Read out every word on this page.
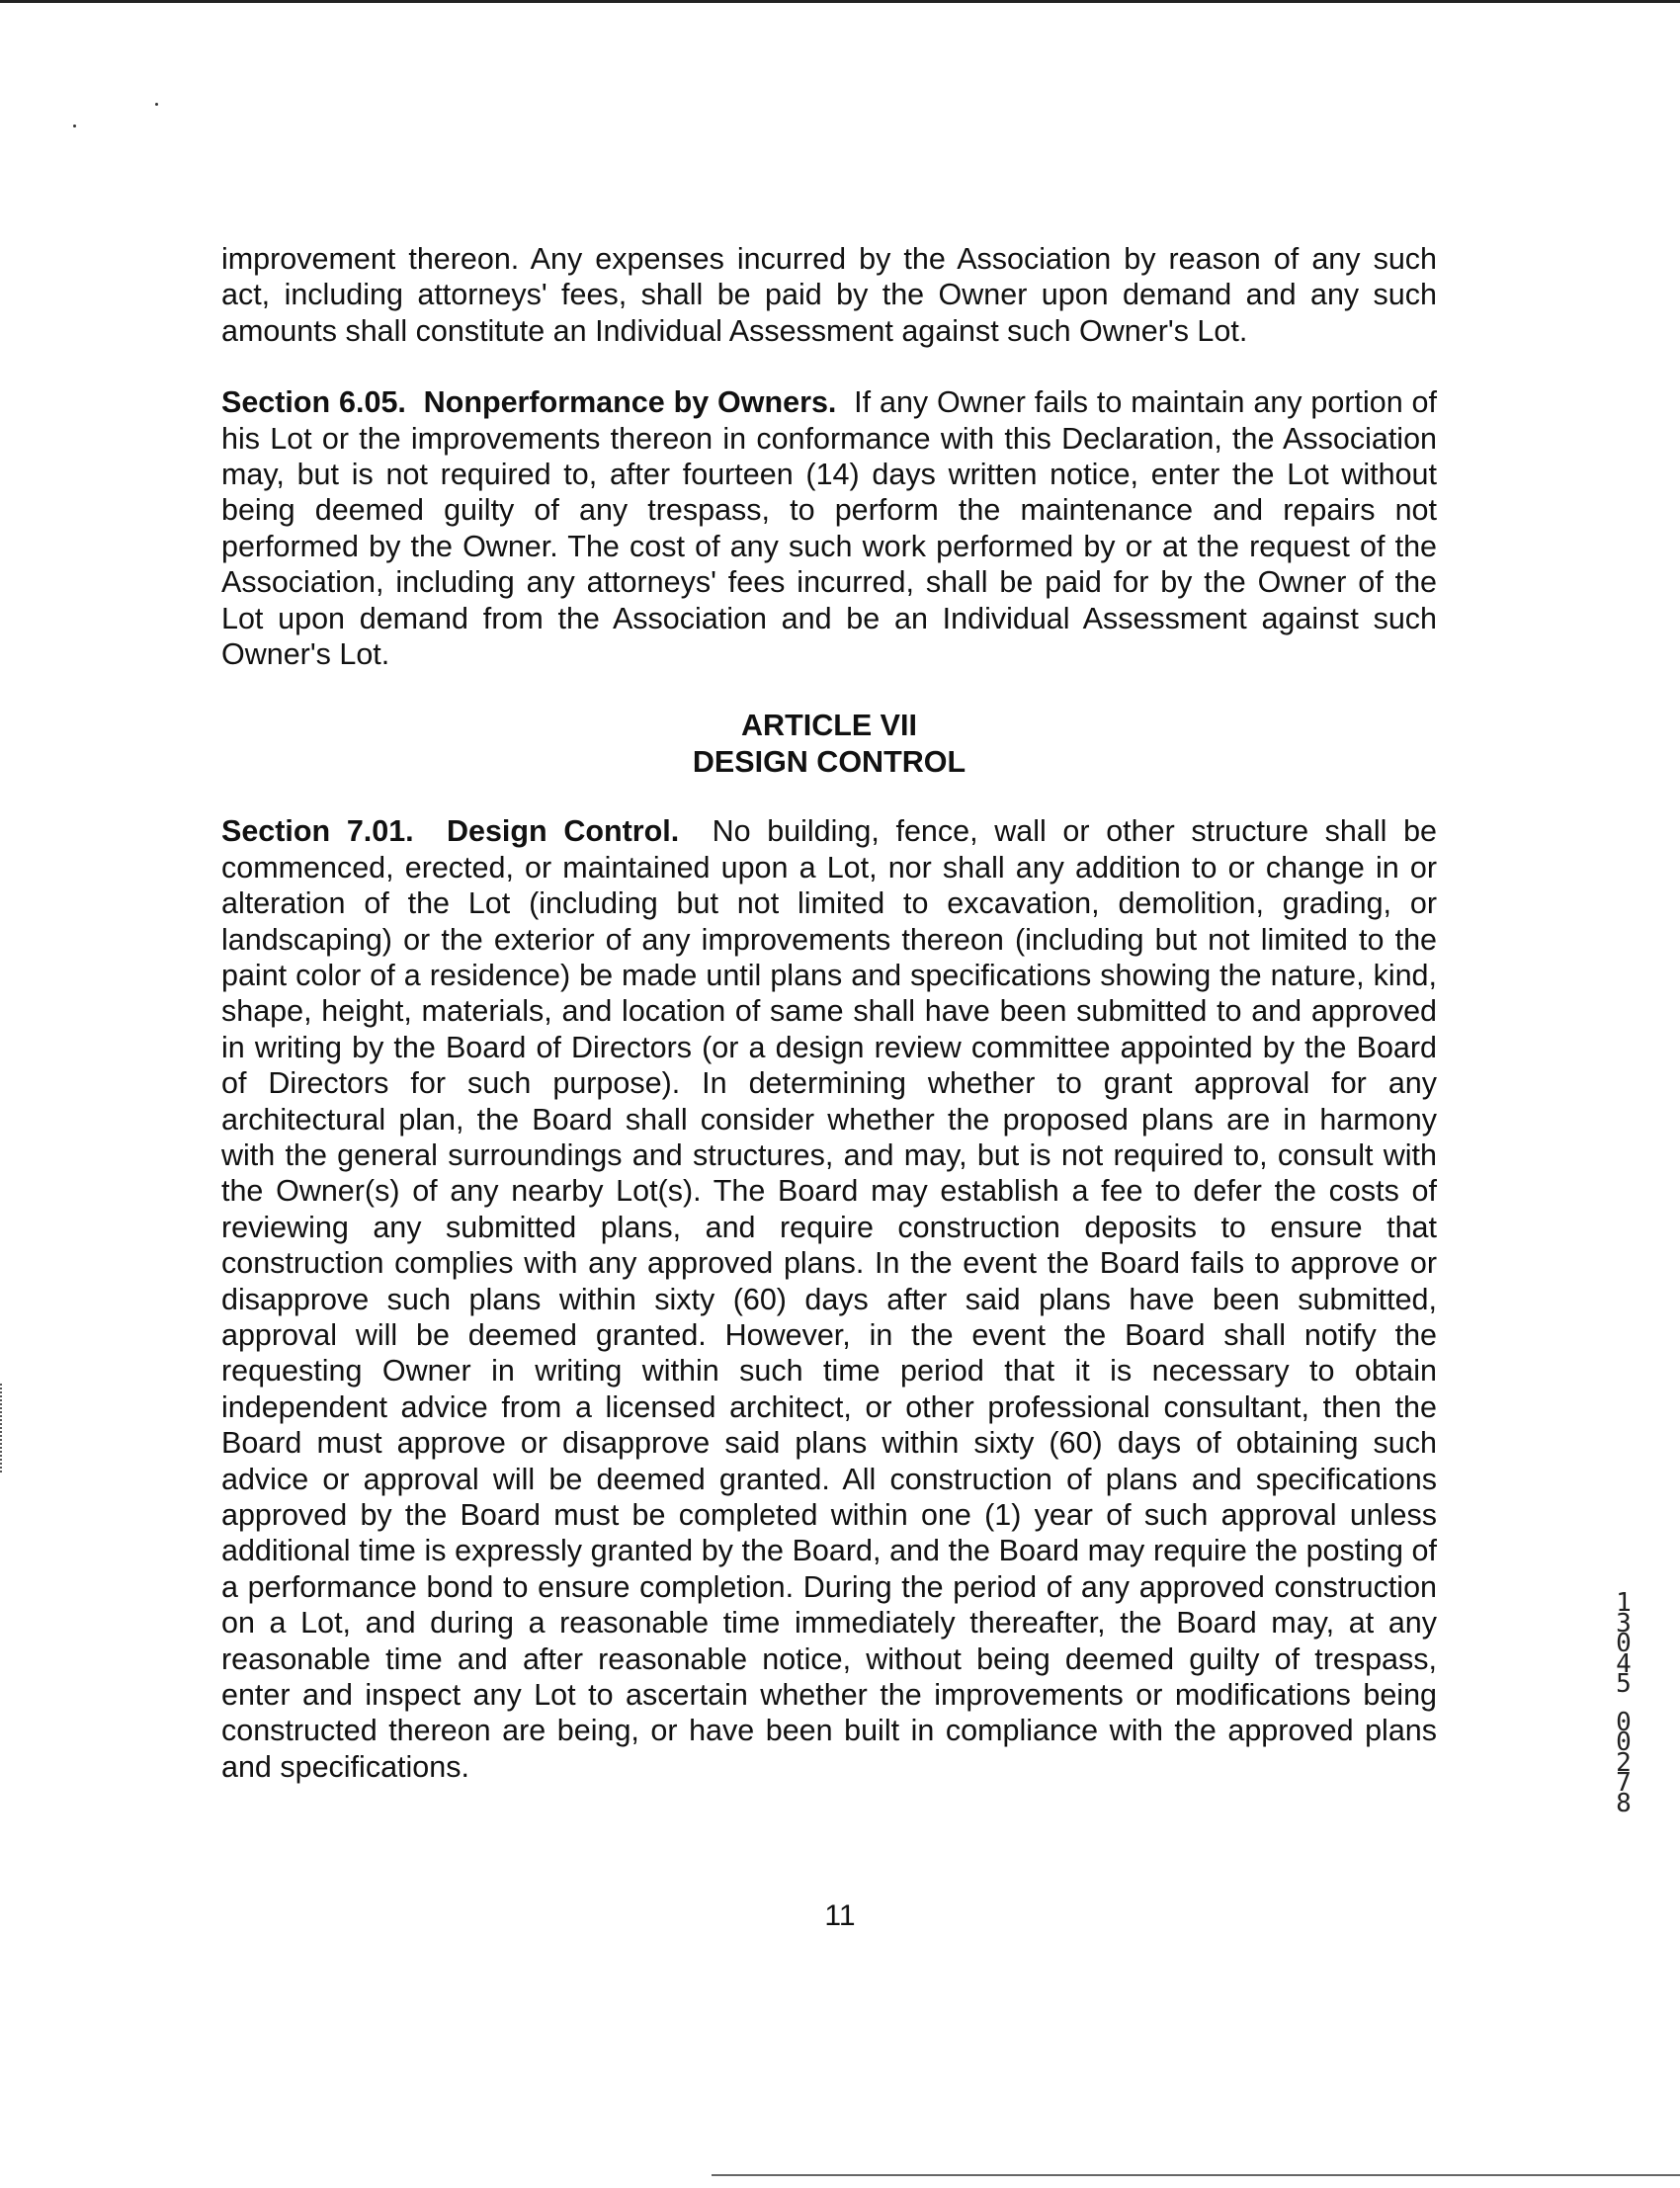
improvement thereon. Any expenses incurred by the Association by reason of any such act, including attorneys' fees, shall be paid by the Owner upon demand and any such amounts shall constitute an Individual Assessment against such Owner's Lot.

Section 6.05. Nonperformance by Owners. If any Owner fails to maintain any portion of his Lot or the improvements thereon in conformance with this Declaration, the Association may, but is not required to, after fourteen (14) days written notice, enter the Lot without being deemed guilty of any trespass, to perform the maintenance and repairs not performed by the Owner. The cost of any such work performed by or at the request of the Association, including any attorneys' fees incurred, shall be paid for by the Owner of the Lot upon demand from the Association and be an Individual Assessment against such Owner's Lot.

ARTICLE VII

DESIGN CONTROL

Section 7.01. Design Control. No building, fence, wall or other structure shall be commenced, erected, or maintained upon a Lot, nor shall any addition to or change in or alteration of the Lot (including but not limited to excavation, demolition, grading, or landscaping) or the exterior of any improvements thereon (including but not limited to the paint color of a residence) be made until plans and specifications showing the nature, kind, shape, height, materials, and location of same shall have been submitted to and approved in writing by the Board of Directors (or a design review committee appointed by the Board of Directors for such purpose). In determining whether to grant approval for any architectural plan, the Board shall consider whether the proposed plans are in harmony with the general surroundings and structures, and may, but is not required to, consult with the Owner(s) of any nearby Lot(s). The Board may establish a fee to defer the costs of reviewing any submitted plans, and require construction deposits to ensure that construction complies with any approved plans. In the event the Board fails to approve or disapprove such plans within sixty (60) days after said plans have been submitted, approval will be deemed granted. However, in the event the Board shall notify the requesting Owner in writing within such time period that it is necessary to obtain independent advice from a licensed architect, or other professional consultant, then the Board must approve or disapprove said plans within sixty (60) days of obtaining such advice or approval will be deemed granted. All construction of plans and specifications approved by the Board must be completed within one (1) year of such approval unless additional time is expressly granted by the Board, and the Board may require the posting of a performance bond to ensure completion. During the period of any approved construction on a Lot, and during a reasonable time immediately thereafter, the Board may, at any reasonable time and after reasonable notice, without being deemed guilty of trespass, enter and inspect any Lot to ascertain whether the improvements or modifications being constructed thereon are being, or have been built in compliance with the approved plans and specifications.

11
13045
00278
